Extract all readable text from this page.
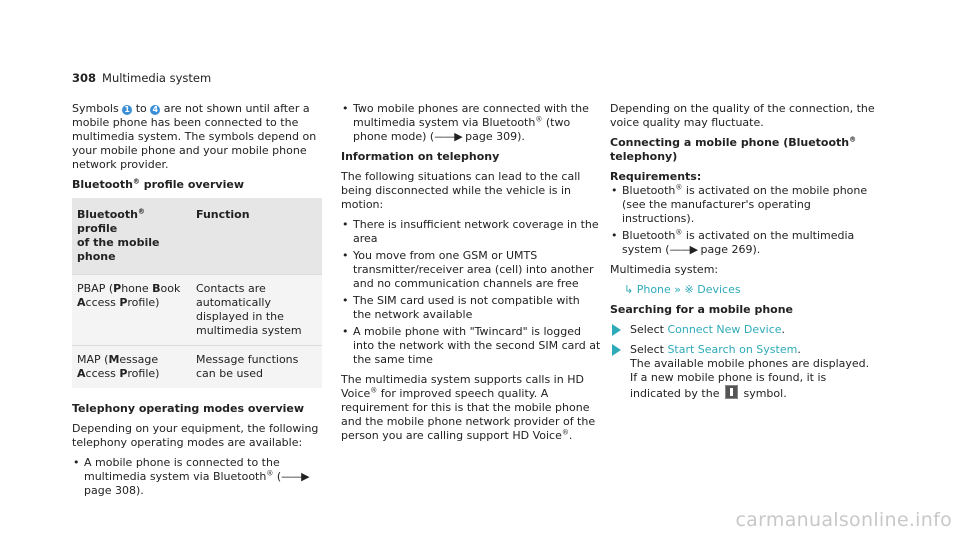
308 Multimedia system

Symbols 1 to 4 are not shown until after a mobile phone has been connected to the multimedia system. The symbols depend on your mobile phone and your mobile phone network provider.

Bluetooth® profile overview
Bluetooth® profile
of the mobile phone	Function
PBAP (Phone Book
Access Profile)	Contacts are automatically displayed in the multimedia system
MAP (Message
Access Profile)	Message functions can be used
Telephony operating modes overview

Depending on your equipment, the following telephony operating modes are available:

• A mobile phone is connected to the multimedia system via Bluetooth® (——▶ page 308).
• Two mobile phones are connected with the multimedia system via Bluetooth® (two phone mode) (——▶ page 309).
Information on telephony

The following situations can lead to the call being disconnected while the vehicle is in motion:

• There is insufficient network coverage in the area
• You move from one GSM or UMTS transmitter/receiver area (cell) into another and no communication channels are free
• The SIM card used is not compatible with the network available
• A mobile phone with "Twincard" is logged into the network with the second SIM card at the same time

The multimedia system supports calls in HD Voice® for improved speech quality. A requirement for this is that the mobile phone and the mobile phone network provider of the person you are calling support HD Voice®.

Depending on the quality of the connection, the voice quality may fluctuate.

Connecting a mobile phone (Bluetooth® telephony)
Requirements:
• Bluetooth® is activated on the mobile phone (see the manufacturer's operating instructions).
• Bluetooth® is activated on the multimedia system (——▶ page 269).

Multimedia system:

↳ Phone » ※ Devices
Searching for a mobile phone
Select Connect New Device.
Select Start Search on System.
The available mobile phones are displayed. If a new mobile phone is found, it is indicated by the symbol.
carmanualsonline.info
